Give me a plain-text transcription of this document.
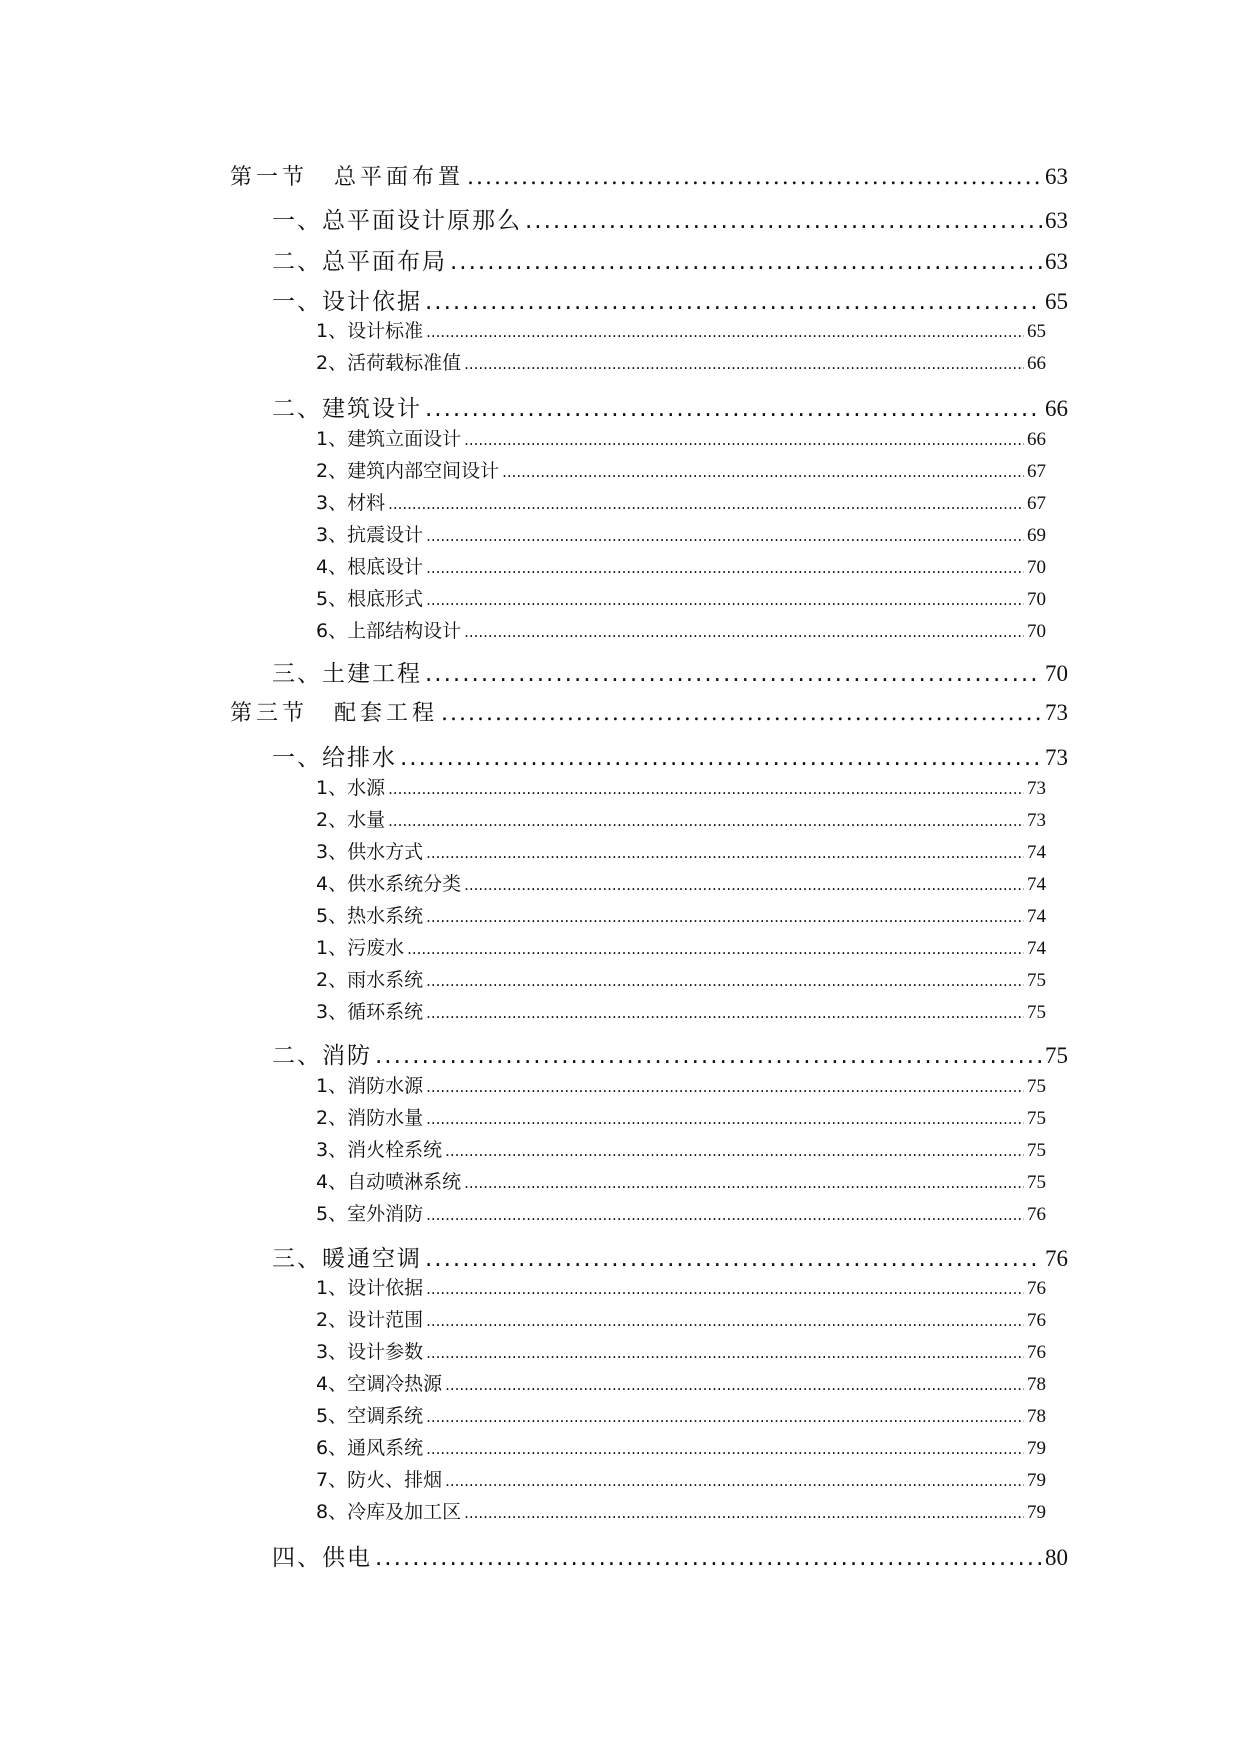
第一节　总平面布置 .....	63
一、总平面设计原那么 .....	63
二、总平面布局 .....	63
一、设计依据 .....	65
1、设计标准 .....	65
2、活荷载标准值 .....	66
二、建筑设计 .....	66
1、建筑立面设计 .....	66
2、建筑内部空间设计 .....	67
3、材料 .....	67
3、抗震设计 .....	69
4、根底设计 .....	70
5、根底形式 .....	70
6、上部结构设计 .....	70
三、土建工程 .....	70
第三节　配套工程 .....	73
一、给排水 .....	73
1、水源 .....	73
2、水量 .....	73
3、供水方式 .....	74
4、供水系统分类 .....	74
5、热水系统 .....	74
1、污废水 .....	74
2、雨水系统 .....	75
3、循环系统 .....	75
二、消防 .....	75
1、消防水源 .....	75
2、消防水量 .....	75
3、消火栓系统 .....	75
4、自动喷淋系统 .....	75
5、室外消防 .....	76
三、暖通空调 .....	76
1、设计依据 .....	76
2、设计范围 .....	76
3、设计参数 .....	76
4、空调冷热源 .....	78
5、空调系统 .....	78
6、通风系统 .....	79
7、防火、排烟 .....	79
8、冷库及加工区 .....	79
四、供电 .....	80
